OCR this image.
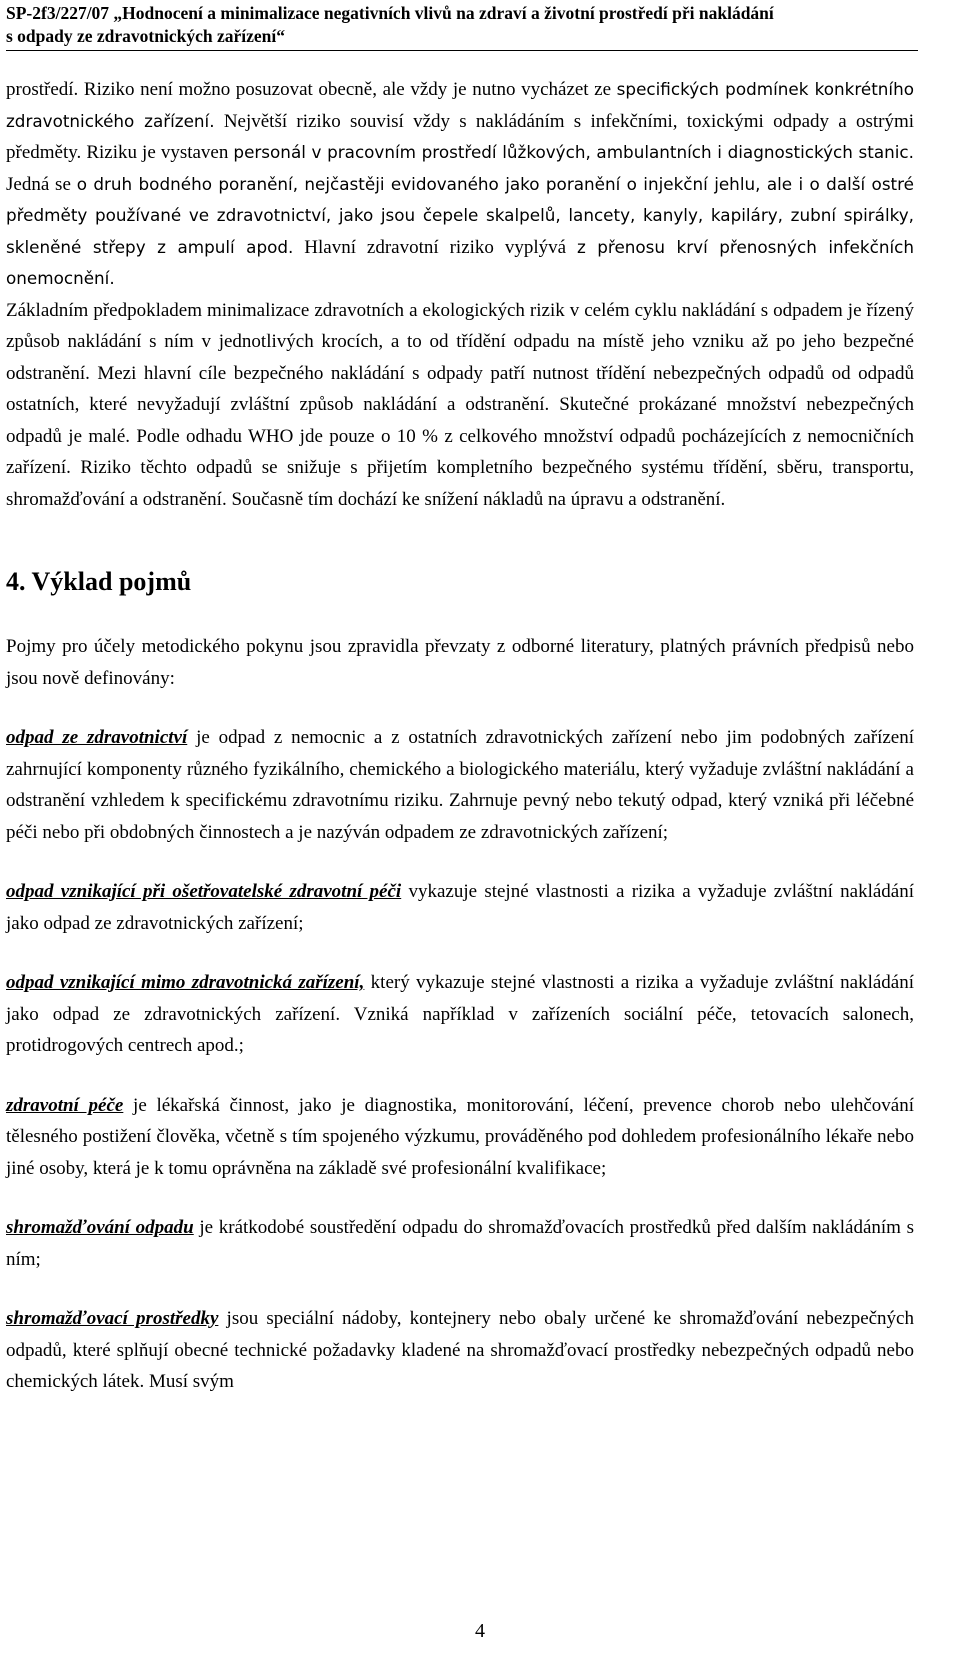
SP-2f3/227/07 „Hodnocení a minimalizace negativních vlivů na zdraví a životní prostředí při nakládání
s odpady ze zdravotnických zařízení“

prostředí. Riziko není možno posuzovat obecně, ale vždy je nutno vycházet ze specifických podmínek konkrétního zdravotnického zařízení. Největší riziko souvisí vždy s nakládáním s infekčními, toxickými odpady a ostrými předměty. Riziku je vystaven personál v pracovním prostředí lůžkových, ambulantních i diagnostických stanic. Jedná se o druh bodného poranění, nejčastěji evidovaného jako poranění o injekční jehlu, ale i o další ostré předměty používané ve zdravotnictví, jako jsou čepele skalpelů, lancety, kanyly, kapiláry, zubní spirálky, skleněné střepy z ampulí apod. Hlavní zdravotní riziko vyplývá z přenosu krví přenosných infekčních onemocnění.

Základním předpokladem minimalizace zdravotních a ekologických rizik v celém cyklu nakládání s odpadem je řízený způsob nakládání s ním v jednotlivých krocích, a to od třídění odpadu na místě jeho vzniku až po jeho bezpečné odstranění. Mezi hlavní cíle bezpečného nakládání s odpady patří nutnost třídění nebezpečných odpadů od odpadů ostatních, které nevyžadují zvláštní způsob nakládání a odstranění. Skutečné prokázané množství nebezpečných odpadů je malé. Podle odhadu WHO jde pouze o 10 % z celkového množství odpadů pocházejících z nemocničních zařízení. Riziko těchto odpadů se snižuje s přijetím kompletního bezpečného systému třídění, sběru, transportu, shromažďování a odstranění. Současně tím dochází ke snížení nákladů na úpravu a odstranění.

4. Výklad pojmů

Pojmy pro účely metodického pokynu jsou zpravidla převzaty z odborné literatury, platných právních předpisů nebo jsou nově definovány:

odpad ze zdravotnictví je odpad z nemocnic a z ostatních zdravotnických zařízení nebo jim podobných zařízení zahrnující komponenty různého fyzikálního, chemického a biologického materiálu, který vyžaduje zvláštní nakládání a odstranění vzhledem k specifickému zdravotnímu riziku. Zahrnuje pevný nebo tekutý odpad, který vzniká při léčebné péči nebo při obdobných činnostech a je nazýván odpadem ze zdravotnických zařízení;

odpad vznikající při ošetřovatelské zdravotní péči vykazuje stejné vlastnosti a rizika a vyžaduje zvláštní nakládání jako odpad ze zdravotnických zařízení;

odpad vznikající mimo zdravotnická zařízení, který vykazuje stejné vlastnosti a rizika a vyžaduje zvláštní nakládání jako odpad ze zdravotnických zařízení. Vzniká například v zařízeních sociální péče, tetovacích salonech, protidrogových centrech apod.;

zdravotní péče je lékařská činnost, jako je diagnostika, monitorování, léčení, prevence chorob nebo ulehčování tělesného postižení člověka, včetně s tím spojeného výzkumu, prováděného pod dohledem profesionálního lékaře nebo jiné osoby, která je k tomu oprávněna na základě své profesionální kvalifikace;

shromažďování odpadu je krátkodobé soustředění odpadu do shromažďovacích prostředků před dalším nakládáním s ním;

shromažďovací prostředky jsou speciální nádoby, kontejnery nebo obaly určené ke shromažďování nebezpečných odpadů, které splňují obecné technické požadavky kladené na shromažďovací prostředky nebezpečných odpadů nebo chemických látek. Musí svým

4
